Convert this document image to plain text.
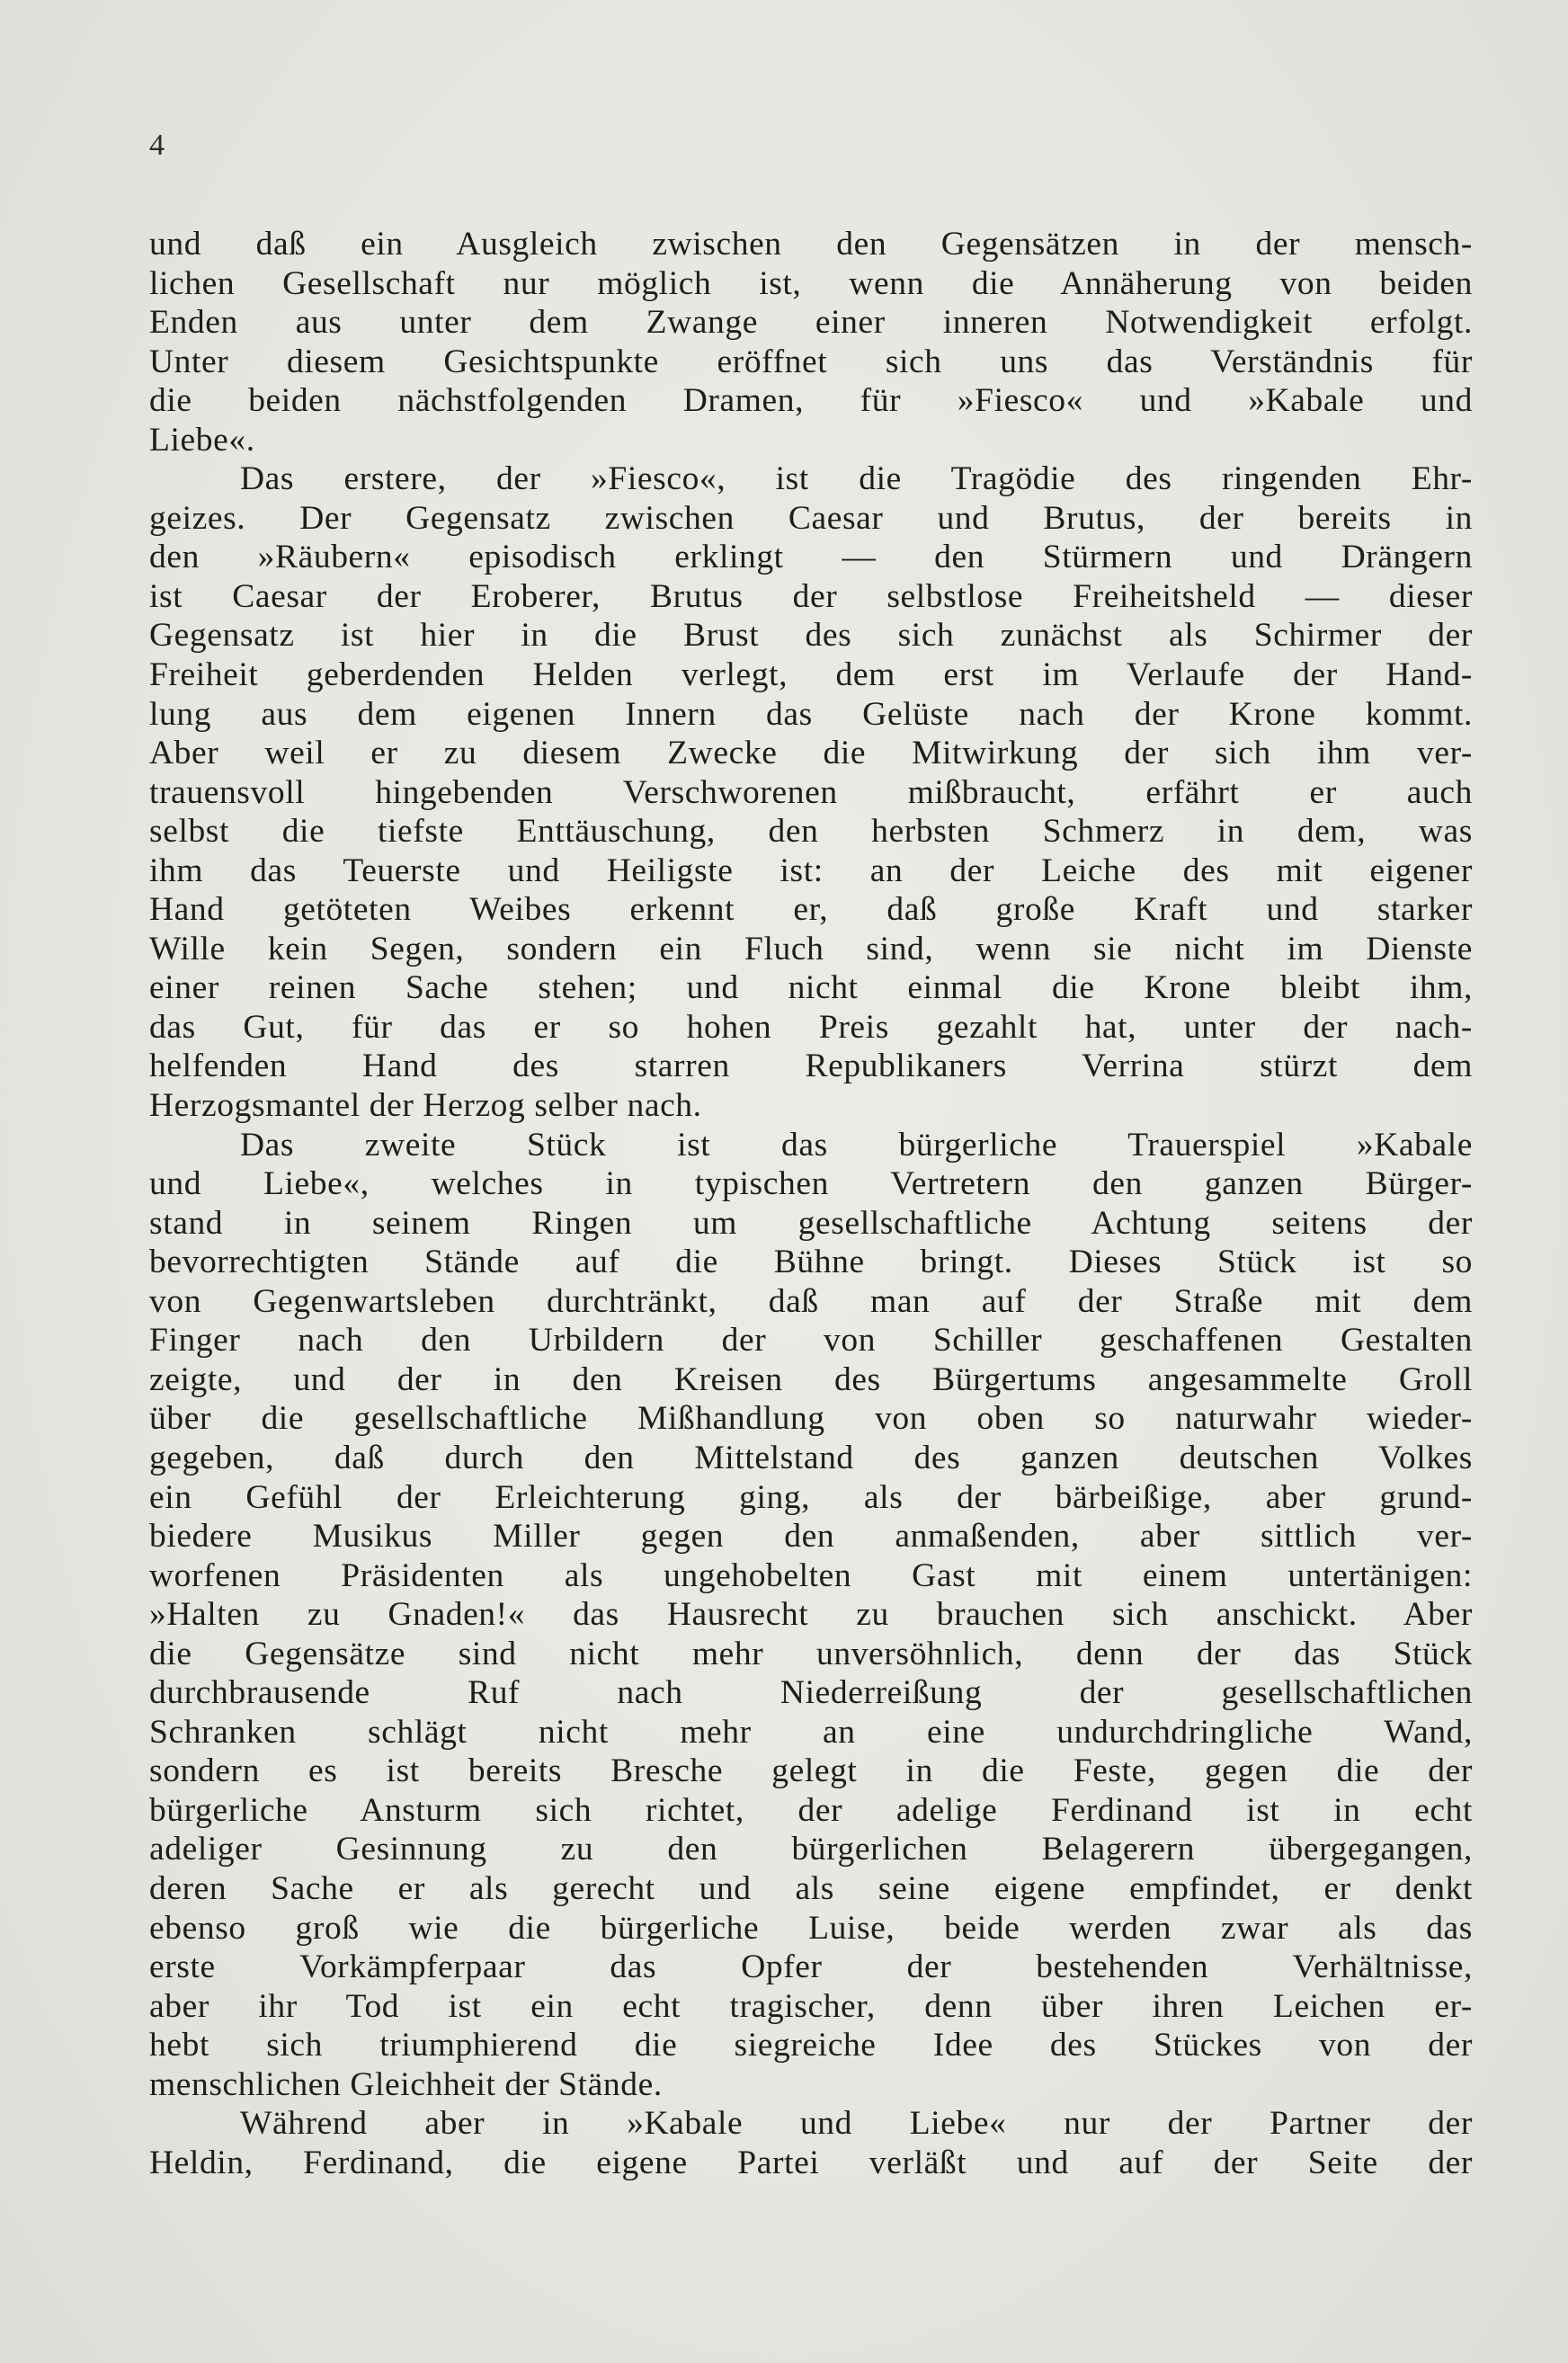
4
und daß ein Ausgleich zwischen den Gegensätzen in der mensch-
lichen Gesellschaft nur möglich ist, wenn die Annäherung von beiden
Enden aus unter dem Zwange einer inneren Notwendigkeit erfolgt.
Unter diesem Gesichtspunkte eröffnet sich uns das Verständnis für
die beiden nächstfolgenden Dramen, für »Fiesco« und »Kabale und
Liebe«.
Das erstere, der »Fiesco«, ist die Tragödie des ringenden Ehr-
geizes. Der Gegensatz zwischen Caesar und Brutus, der bereits in
den »Räubern« episodisch erklingt — den Stürmern und Drängern
ist Caesar der Eroberer, Brutus der selbstlose Freiheitsheld — dieser
Gegensatz ist hier in die Brust des sich zunächst als Schirmer der
Freiheit geberdenden Helden verlegt, dem erst im Verlaufe der Hand-
lung aus dem eigenen Innern das Gelüste nach der Krone kommt.
Aber weil er zu diesem Zwecke die Mitwirkung der sich ihm ver-
trauensvoll hingebenden Verschworenen mißbraucht, erfährt er auch
selbst die tiefste Enttäuschung, den herbsten Schmerz in dem, was
ihm das Teuerste und Heiligste ist: an der Leiche des mit eigener
Hand getöteten Weibes erkennt er, daß große Kraft und starker
Wille kein Segen, sondern ein Fluch sind, wenn sie nicht im Dienste
einer reinen Sache stehen; und nicht einmal die Krone bleibt ihm,
das Gut, für das er so hohen Preis gezahlt hat, unter der nach-
helfenden Hand des starren Republikaners Verrina stürzt dem
Herzogsmantel der Herzog selber nach.
Das zweite Stück ist das bürgerliche Trauerspiel »Kabale
und Liebe«, welches in typischen Vertretern den ganzen Bürger-
stand in seinem Ringen um gesellschaftliche Achtung seitens der
bevorrechtigten Stände auf die Bühne bringt. Dieses Stück ist so
von Gegenwartsleben durchtränkt, daß man auf der Straße mit dem
Finger nach den Urbildern der von Schiller geschaffenen Gestalten
zeigte, und der in den Kreisen des Bürgertums angesammelte Groll
über die gesellschaftliche Mißhandlung von oben so naturwahr wieder-
gegeben, daß durch den Mittelstand des ganzen deutschen Volkes
ein Gefühl der Erleichterung ging, als der bärbeißige, aber grund-
biedere Musikus Miller gegen den anmaßenden, aber sittlich ver-
worfenen Präsidenten als ungehobelten Gast mit einem untertänigen:
»Halten zu Gnaden!« das Hausrecht zu brauchen sich anschickt. Aber
die Gegensätze sind nicht mehr unversöhnlich, denn der das Stück
durchbrausende Ruf nach Niederreißung der gesellschaftlichen
Schranken schlägt nicht mehr an eine undurchdringliche Wand,
sondern es ist bereits Bresche gelegt in die Feste, gegen die der
bürgerliche Ansturm sich richtet, der adelige Ferdinand ist in echt
adeliger Gesinnung zu den bürgerlichen Belagerern übergegangen,
deren Sache er als gerecht und als seine eigene empfindet, er denkt
ebenso groß wie die bürgerliche Luise, beide werden zwar als das
erste Vorkämpferpaar das Opfer der bestehenden Verhältnisse,
aber ihr Tod ist ein echt tragischer, denn über ihren Leichen er-
hebt sich triumphierend die siegreiche Idee des Stückes von der
menschlichen Gleichheit der Stände.
Während aber in »Kabale und Liebe« nur der Partner der
Heldin, Ferdinand, die eigene Partei verläßt und auf der Seite der
